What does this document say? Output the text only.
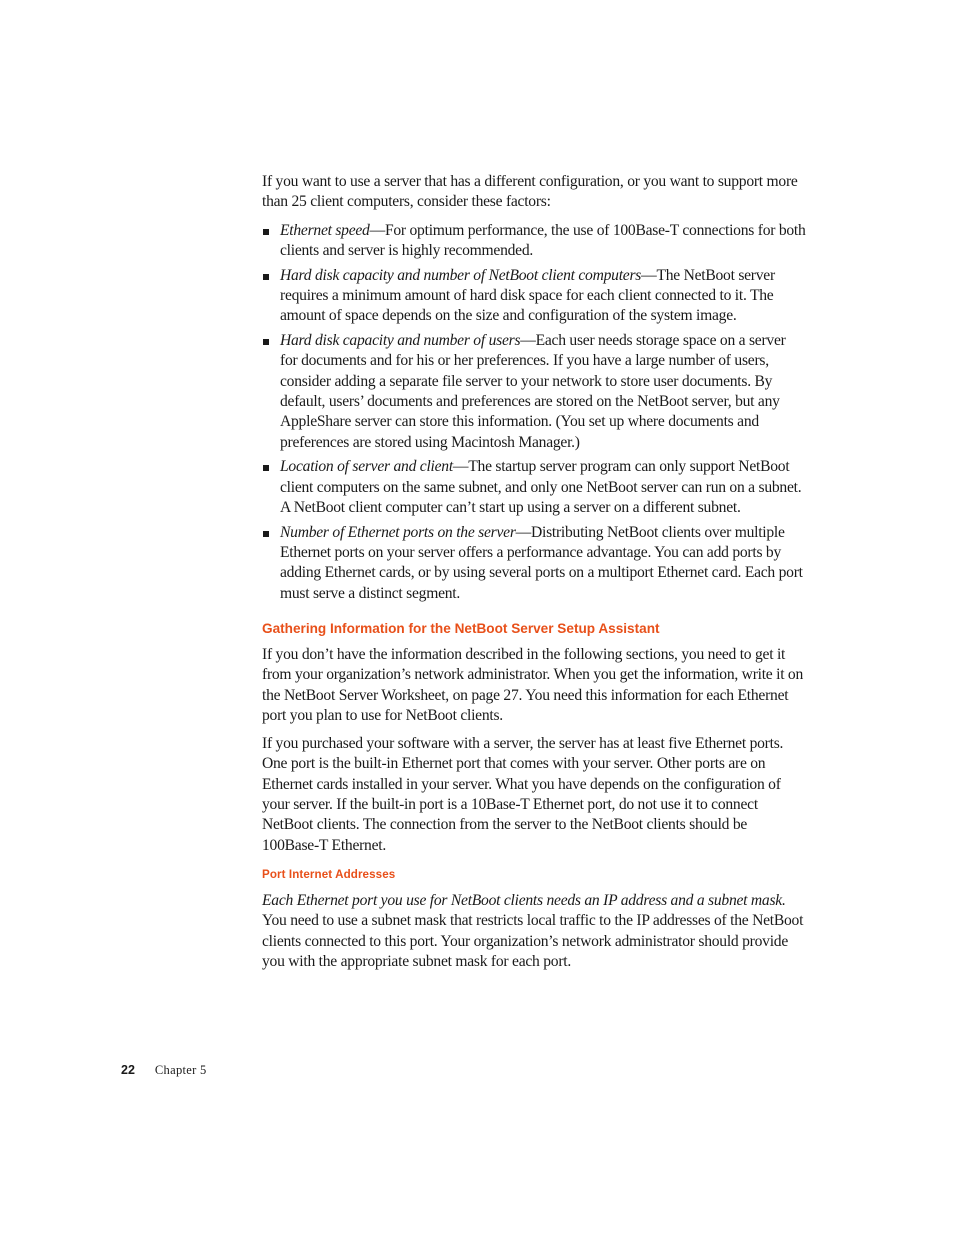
If you want to use a server that has a different configuration, or you want to support more than 25 client computers, consider these factors:

Ethernet speed—For optimum performance, the use of 100Base-T connections for both clients and server is highly recommended.
Hard disk capacity and number of NetBoot client computers—The NetBoot server requires a minimum amount of hard disk space for each client connected to it. The amount of space depends on the size and configuration of the system image.
Hard disk capacity and number of users—Each user needs storage space on a server for documents and for his or her preferences. If you have a large number of users, consider adding a separate file server to your network to store user documents. By default, users’ documents and preferences are stored on the NetBoot server, but any AppleShare server can store this information. (You set up where documents and preferences are stored using Macintosh Manager.)
Location of server and client—The startup server program can only support NetBoot client computers on the same subnet, and only one NetBoot server can run on a subnet. A NetBoot client computer can’t start up using a server on a different subnet.
Number of Ethernet ports on the server—Distributing NetBoot clients over multiple Ethernet ports on your server offers a performance advantage. You can add ports by adding Ethernet cards, or by using several ports on a multiport Ethernet card. Each port must serve a distinct segment.
Gathering Information for the NetBoot Server Setup Assistant

If you don’t have the information described in the following sections, you need to get it from your organization’s network administrator. When you get the information, write it on the NetBoot Server Worksheet, on page 27. You need this information for each Ethernet port you plan to use for NetBoot clients.

If you purchased your software with a server, the server has at least five Ethernet ports. One port is the built-in Ethernet port that comes with your server. Other ports are on Ethernet cards installed in your server. What you have depends on the configuration of your server. If the built-in port is a 10Base-T Ethernet port, do not use it to connect NetBoot clients. The connection from the server to the NetBoot clients should be 100Base-T Ethernet.

Port Internet Addresses

Each Ethernet port you use for NetBoot clients needs an IP address and a subnet mask. You need to use a subnet mask that restricts local traffic to the IP addresses of the NetBoot clients connected to this port. Your organization’s network administrator should provide you with the appropriate subnet mask for each port.

22 Chapter 5
